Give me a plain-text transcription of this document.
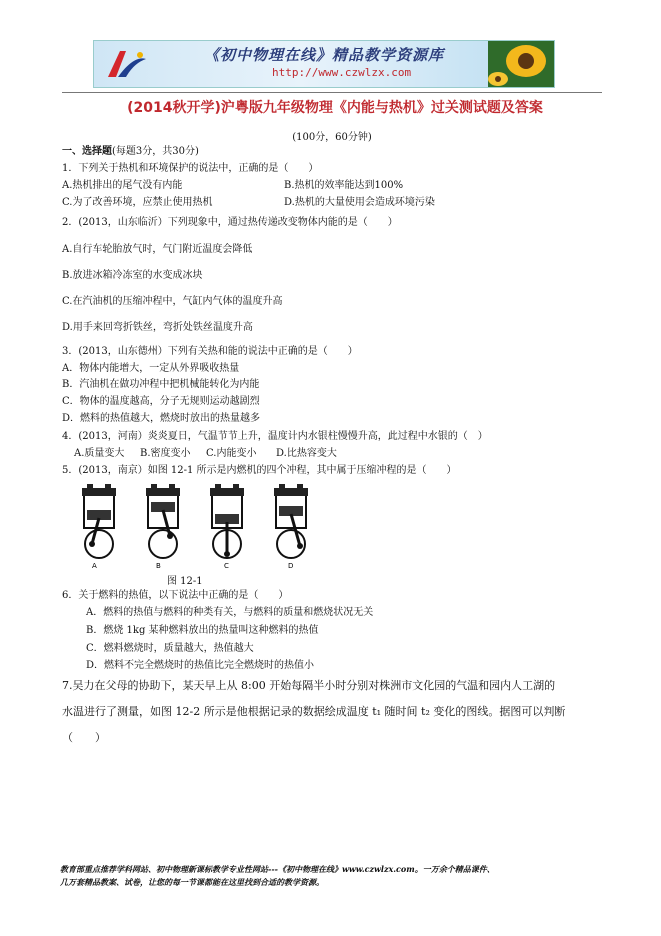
《初中物理在线》精品教学资源库
http://www.czwlzx.com
(2014秋开学)沪粤版九年级物理《内能与热机》过关测试题及答案
(100分，60分钟)
一、选择题(每题3分，共30分)
1．下列关于热机和环境保护的说法中，正确的是（　　）
A.热机排出的尾气没有内能	B.热机的效率能达到100%
C.为了改善环境，应禁止使用热机	D.热机的大量使用会造成环境污染
2．(2013，山东临沂）下列现象中，通过热传递改变物体内能的是（　　）
A.自行车轮胎放气时，气门附近温度会降低
B.放进冰箱冷冻室的水变成冰块
C.在汽油机的压缩冲程中，气缸内气体的温度升高
D.用手来回弯折铁丝，弯折处铁丝温度升高
3．(2013，山东德州）下列有关热和能的说法中正确的是（　　）
A．物体内能增大，一定从外界吸收热量
B．汽油机在做功冲程中把机械能转化为内能
C．物体的温度越高，分子无规则运动越剧烈
D．燃料的热值越大，燃烧时放出的热量越多
4．(2013，河南）炎炎夏日，气温节节上升，温度计内水银柱慢慢升高，此过程中水银的（　）
A.质量变大 B.密度变小 C.内能变小 D.比热容变大
5．(2013，南京）如图 12-1 所示是内燃机的四个冲程，其中属于压缩冲程的是（　　）
A	B	C	D
图 12-1
6．关于燃料的热值，以下说法中正确的是（　　）
A．燃料的热值与燃料的种类有关，与燃料的质量和燃烧状况无关
B．燃烧 1kg 某种燃料放出的热量叫这种燃料的热值
C．燃料燃烧时，质量越大，热值越大
D．燃料不完全燃烧时的热值比完全燃烧时的热值小
7.吴力在父母的协助下，某天早上从 8:00 开始每隔半小时分别对株洲市文化园的气温和园内人工湖的
水温进行了测量，如图 12-2 所示是他根据记录的数据绘成温度 t₁ 随时间 t₂ 变化的图线。据图可以判断
（　　）
教育部重点推荐学科网站、初中物理新课标教学专业性网站---《初中物理在线》www.czwlzx.com。一万余个精品课件、
几万套精品教案、试卷，让您的每一节课都能在这里找到合适的教学资源。
